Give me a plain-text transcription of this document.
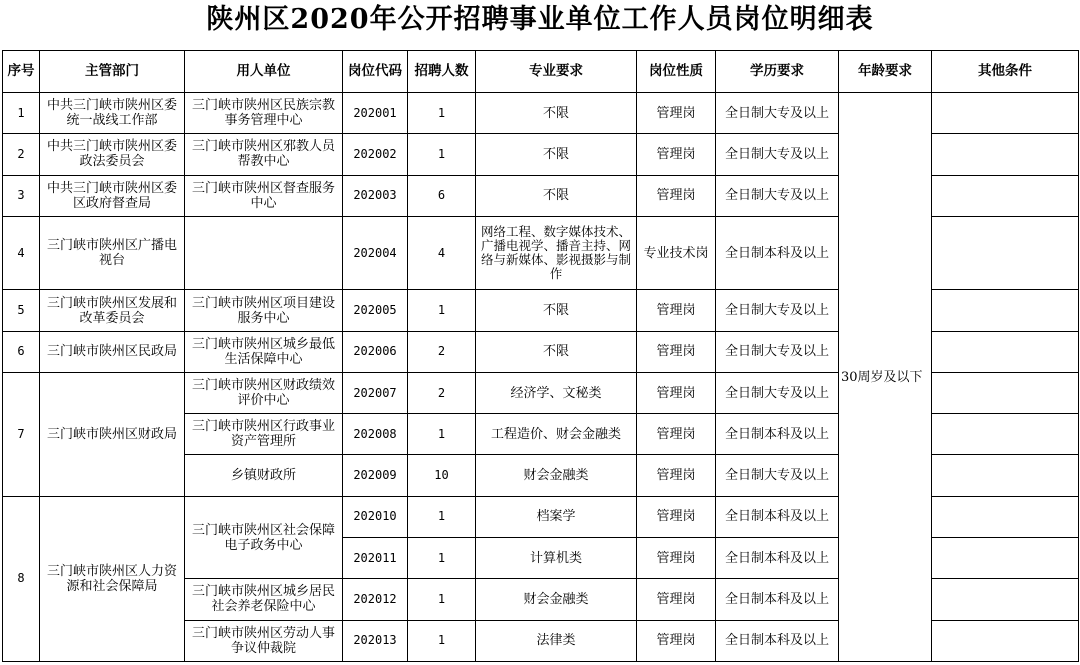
陕州区2020年公开招聘事业单位工作人员岗位明细表
序号	主管部门	用人单位	岗位代码	招聘人数	专业要求	岗位性质	学历要求	年龄要求	其他条件
1	中共三门峡市陕州区委统一战线工作部	三门峡市陕州区民族宗教事务管理中心	202001	1	不限	管理岗	全日制大专及以上	30周岁及以下	
2	中共三门峡市陕州区委政法委员会	三门峡市陕州区邪教人员帮教中心	202002	1	不限	管理岗	全日制大专及以上		
3	中共三门峡市陕州区委区政府督查局	三门峡市陕州区督查服务中心	202003	6	不限	管理岗	全日制大专及以上		
4	三门峡市陕州区广播电视台		202004	4	网络工程、数字媒体技术、广播电视学、播音主持、网络与新媒体、影视摄影与制作	专业技术岗	全日制本科及以上		
5	三门峡市陕州区发展和改革委员会	三门峡市陕州区项目建设服务中心	202005	1	不限	管理岗	全日制大专及以上		
6	三门峡市陕州区民政局	三门峡市陕州区城乡最低生活保障中心	202006	2	不限	管理岗	全日制大专及以上		
7	三门峡市陕州区财政局	三门峡市陕州区财政绩效评价中心	202007	2	经济学、文秘类	管理岗	全日制大专及以上		
		三门峡市陕州区行政事业资产管理所	202008	1	工程造价、财会金融类	管理岗	全日制本科及以上		
		乡镇财政所	202009	10	财会金融类	管理岗	全日制大专及以上		
8	三门峡市陕州区人力资源和社会保障局	三门峡市陕州区社会保障电子政务中心	202010	1	档案学	管理岗	全日制本科及以上		
			202011	1	计算机类	管理岗	全日制本科及以上		
		三门峡市陕州区城乡居民社会养老保险中心	202012	1	财会金融类	管理岗	全日制本科及以上		
		三门峡市陕州区劳动人事争议仲裁院	202013	1	法律类	管理岗	全日制本科及以上		
